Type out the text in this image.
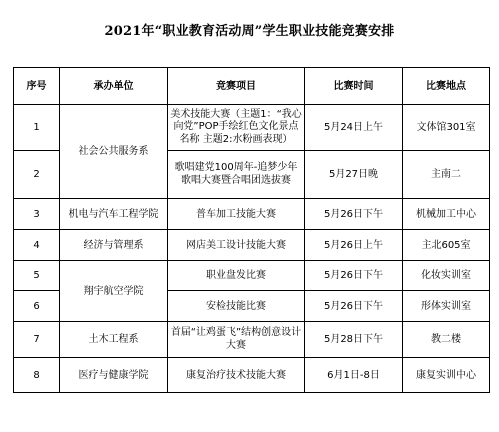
2021年“职业教育活动周”学生职业技能竞赛安排
序号	承办单位	竞赛项目	比赛时间	比赛地点
1	社会公共服务系	美术技能大赛（主题1：“我心向党”POP手绘红色文化景点名称 主题2:水粉画表现）	5月24日上午	文体馆301室
2		歌唱建党100周年-追梦少年歌唱大赛暨合唱团选拔赛	5月27日晚	主南二
3	机电与汽车工程学院	普车加工技能大赛	5月26日下午	机械加工中心
4	经济与管理系	网店美工设计技能大赛	5月26日上午	主北605室
5	翔宇航空学院	职业盘发比赛	5月26日下午	化妆实训室
6		安检技能比赛	5月26日下午	形体实训室
7	土木工程系	首届“让鸡蛋飞”结构创意设计大赛	5月28日下午	教二楼
8	医疗与健康学院	康复治疗技术技能大赛	6月1日-8日	康复实训中心
